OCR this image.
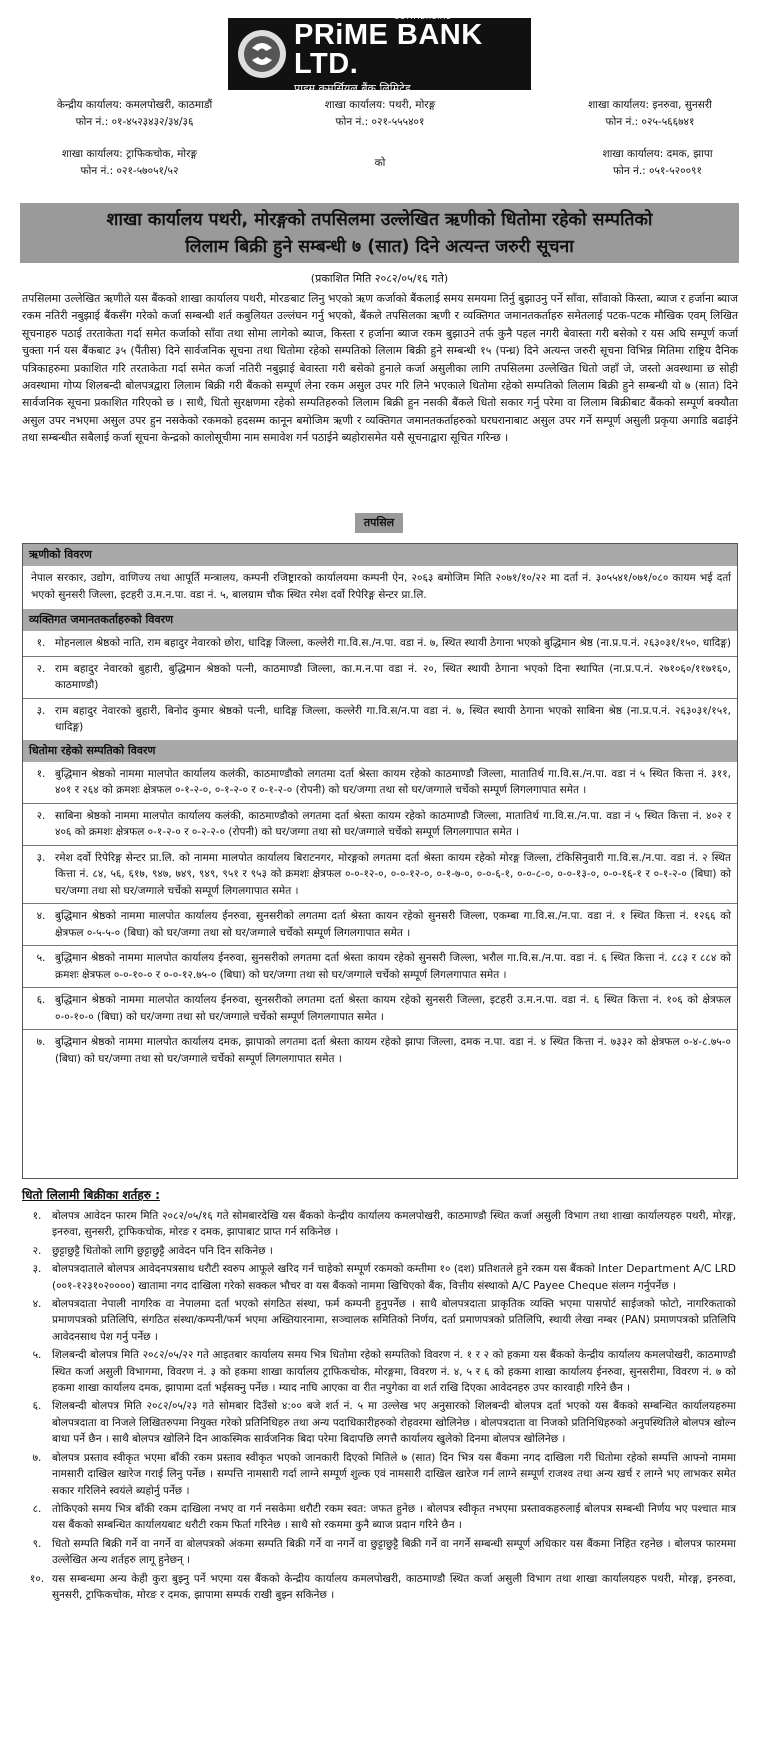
COMMERCIAL
PRiME BANK LTD.
प्राइम कमर्सियल बैंक लिमिटेड
केन्द्रीय कार्यालय: कमलपोखरी, काठमाडौं
फोन नं.: ०१-४५२३४३२/३४/३६
शाखा कार्यालय: पथरी, मोरङ्ग
फोन नं.: ०२१-५५५४०१
शाखा कार्यालय: इनरुवा, सुनसरी
फोन नं.: ०२५-५६६७४१
शाखा कार्यालय: ट्राफिकचोक, मोरङ्ग
फोन नं.: ०२१-५७०५१/५२
को
शाखा कार्यालय: दमक, झापा
फोन नं.: ०५१-५२००९१
शाखा कार्यालय पथरी, मोरङ्गको तपसिलमा उल्लेखित ऋणीको धितोमा रहेको सम्पतिको
लिलाम बिक्री हुने सम्बन्धी ७ (सात) दिने अत्यन्त जरुरी सूचना
(प्रकाशित मिति २०८२/०५/१६ गते)
तपसिलमा उल्लेखित ऋणीले यस बैंकको शाखा कार्यालय पथरी, मोरङबाट लिनु भएको ऋण कर्जाको बैंकलाई समय समयमा तिर्नु बुझाउनु पर्ने साँवा, साँवाको किस्ता, ब्याज र हर्जाना ब्याज रकम नतिरी नबुझाई बैंकसँग गरेको कर्जा सम्बन्धी शर्त कबुलियत उल्लंघन गर्नु भएको, बैंकले तपसिलका ऋणी र व्यक्तिगत जमानतकर्ताहरु समेतलाई पटक-पटक मौखिक एवम् लिखित सूचनाहरु पठाई तरताकेता गर्दा समेत कर्जाको साँवा तथा सोमा लागेको ब्याज, किस्ता र हर्जाना ब्याज रकम बुझाउने तर्फ कुनै पहल नगरी बेवास्ता गरी बसेको र यस अघि सम्पूर्ण कर्जा चुक्ता गर्न यस बैंकबाट ३५ (पैंतीस) दिने सार्वजनिक सूचना तथा धितोमा रहेको सम्पतिको लिलाम बिक्री हुने सम्बन्धी १५ (पन्ध्र) दिने अत्यन्त जरुरी सूचना विभिन्न मितिमा राष्ट्रिय दैनिक पत्रिकाहरुमा प्रकाशित गरि तरताकेता गर्दा समेत कर्जा नतिरी नबुझाई बेवास्ता गरी बसेको हुनाले कर्जा असुलीका लागि तपसिलमा उल्लेखित धितो जहाँ जे, जस्तो अवस्थामा छ सोही अवस्थामा गोप्य शिलबन्दी बोलपत्रद्वारा लिलाम बिक्री गरी बैंकको सम्पूर्ण लेना रकम असुल उपर गरि लिने भएकाले धितोमा रहेको सम्पतिको लिलाम बिक्री हुने सम्बन्धी यो ७ (सात) दिने सार्वजनिक सूचना प्रकाशित गरिएको छ । साथै, धितो सुरक्षणमा रहेको सम्पतिहरुको लिलाम बिक्री हुन नसकी बैंकले धितो सकार गर्नु परेमा वा लिलाम बिक्रीबाट बैंकको सम्पूर्ण बक्यौता असुल उपर नभएमा असुल उपर हुन नसकेको रकमको हदसम्म कानून बमोजिम ऋणी र व्यक्तिगत जमानतकर्ताहरुको घरघरानाबाट असुल उपर गर्ने सम्पूर्ण असुली प्रकृया अगाडि बढाईने तथा सम्बन्धीत सबैलाई कर्जा सूचना केन्द्रको कालोसूचीमा नाम समावेश गर्न पठाईने ब्यहोरासमेत यसै सूचनाद्वारा सूचित गरिन्छ ।
तपसिल
ऋणीको विवरण
नेपाल सरकार, उद्योग, वाणिज्य तथा आपूर्ति मन्त्रालय, कम्पनी रजिष्ट्रारको कार्यालयमा कम्पनी ऐन, २०६३ बमोजिम मिति २०७१/१०/२२ मा दर्ता नं. ३०५५४१/०७१/०८० कायम भई दर्ता भएको सुनसरी जिल्ला, इटहरी उ.म.न.पा. वडा नं. ५, बालग्राम चौक स्थित रमेश दर्वो रिपेरिङ्ग सेन्टर प्रा.लि.
व्यक्तिगत जमानतकर्ताहरुको विवरण
१. मोहनलाल श्रेष्ठको नाति, राम बहादुर नेवारको छोरा, धादिङ्ग जिल्ला, कल्लेरी गा.वि.स./न.पा. वडा नं. ७, स्थित स्थायी ठेगाना भएको बुद्धिमान श्रेष्ठ (ना.प्र.प.नं. २६३०३१/१५०, धादिङ्ग)
२. राम बहादुर नेवारको बुहारी, बुद्धिमान श्रेष्ठको पत्नी, काठमाण्डौ जिल्ला, का.म.न.पा वडा नं. २०, स्थित स्थायी ठेगाना भएको दिना स्थापित (ना.प्र.प.नं. २७१०६०/११७१६०, काठमाण्डौ)
३. राम बहादुर नेवारको बुहारी, बिनोद कुमार श्रेष्ठको पत्नी, धादिङ्ग जिल्ला, कल्लेरी गा.वि.स/न.पा वडा नं. ७, स्थित स्थायी ठेगाना भएको साबिना श्रेष्ठ (ना.प्र.प.नं. २६३०३१/१५१, धादिङ्ग)
धितोमा रहेको सम्पतिको विवरण
१. बुद्धिमान श्रेष्ठको नाममा मालपोत कार्यालय कलंकी, काठमाण्डौको लगतमा दर्ता श्रेस्ता कायम रहेको काठमाण्डौ जिल्ला, मातातिर्थ गा.वि.स./न.पा. वडा नं ५ स्थित कित्ता नं. ३११, ४०१ र २६४ को क्रमशः क्षेत्रफल ०-१-२-०, ०-१-२-० र ०-१-२-० (रोपनी) को घर/जग्गा तथा सो घर/जग्गाले चर्चेको सम्पूर्ण लिगलगापात समेत ।
२. साबिना श्रेष्ठको नाममा मालपोत कार्यालय कलंकी, काठमाण्डौको लगतमा दर्ता श्रेस्ता कायम रहेको काठमाण्डौ जिल्ला, मातातिर्थ गा.वि.स./न.पा. वडा नं ५ स्थित कित्ता नं. ४०२ र ४०६ को क्रमशः क्षेत्रफल ०-१-२-० र ०-२-२-० (रोपनी) को घर/जग्गा तथा सो घर/जग्गाले चर्चेको सम्पूर्ण लिगलगापात समेत ।
३. रमेश दर्वो रिपेरिङ्ग सेन्टर प्रा.लि. को नाममा मालपोत कार्यालय बिराटनगर, मोरङ्गको लगतमा दर्ता श्रेस्ता कायम रहेको मोरङ्ग जिल्ला, टंकिसिनुवारी गा.वि.स./न.पा. वडा नं. २ स्थित कित्ता नं. ८४, ५६, ६१७, ९४७, ७४९, ९४९, ९५१ र ९५३ को क्रमशः क्षेत्रफल ०-०-१२-०, ०-०-१२-०, ०-१-७-०, ०-०-६-१, ०-०-८-०, ०-०-१३-०, ०-०-१६-१ र ०-१-२-० (बिघा) को घर/जग्गा तथा सो घर/जग्गाले चर्चेको सम्पूर्ण लिगलगापात समेत ।
४. बुद्धिमान श्रेष्ठको नाममा मालपोत कार्यालय ईनरुवा, सुनसरीको लगतमा दर्ता श्रेस्ता कायन रहेको सुनसरी जिल्ला, एकम्बा गा.वि.स./न.पा. वडा नं. १ स्थित कित्ता नं. १२६६ को क्षेत्रफल ०-५-५-० (बिघा) को घर/जग्गा तथा सो घर/जग्गाले चर्चेको सम्पूर्ण लिगलगापात समेत ।
५. बुद्धिमान श्रेष्ठको नाममा मालपोत कार्यालय ईनरुवा, सुनसरीको लगतमा दर्ता श्रेस्ता कायम रहेको सुनसरी जिल्ला, भरौल गा.वि.स./न.पा. वडा नं. ६ स्थित कित्ता नं. ८८३ र ८८४ को क्रमशः क्षेत्रफल ०-०-१०-० र ०-०-१२.७५-० (बिघा) को घर/जग्गा तथा सो घर/जग्गाले चर्चेको सम्पूर्ण लिगलगापात समेत ।
६. बुद्धिमान श्रेष्ठको नाममा मालपोत कार्यालय ईनरुवा, सुनसरीको लगतमा दर्ता श्रेस्ता कायम रहेको सुनसरी जिल्ला, इटहरी उ.म.न.पा. वडा नं. ६ स्थित कित्ता नं. १०६ को क्षेत्रफल ०-०-१०-० (बिघा) को घर/जग्गा तथा सो घर/जग्गाले चर्चेको सम्पूर्ण लिगलगापात समेत ।
७. बुद्धिमान श्रेष्ठको नाममा मालपोत कार्यालय दमक, झापाको लगतमा दर्ता श्रेस्ता कायम रहेको झापा जिल्ला, दमक न.पा. वडा नं. ४ स्थित कित्ता नं. ७३३२ को क्षेत्रफल ०-४-८.७५-० (बिघा) को घर/जग्गा तथा सो घर/जग्गाले चर्चेको सम्पूर्ण लिगलगापात समेत ।
धितो लिलामी बिक्रीका शर्तहरु :
१.	बोलपत्र आवेदन फारम मिति २०८२/०५/१६ गते सोमबारदेखि यस बैंकको केन्द्रीय कार्यालय कमलपोखरी, काठमाण्डौ स्थित कर्जा असुली विभाग तथा शाखा कार्यालयहरु पथरी, मोरङ्ग, इनरुवा, सुनसरी, ट्राफिकचोक, मोरङ र दमक, झापाबाट प्राप्त गर्न सकिनेछ ।
२.	छुट्टाछुट्टै धितोको लागि छुट्टाछुट्टै आवेदन पनि दिन सकिनेछ ।
३.	बोलपत्रदाताले बोलपत्र आवेदनपत्रसाथ धरौटी स्वरुप आफूले खरिद गर्न चाहेको सम्पूर्ण रकमको कम्तीमा १० (दश) प्रतिशतले हुने रकम यस बैंकको Inter Department A/C LRD (००१-१२३१०२००००) खातामा नगद दाखिला गरेको सक्कल भौचर वा यस बैंकको नाममा खिचिएको बैंक, वित्तीय संस्थाको A/C Payee Cheque संलग्न गर्नुपर्नेछ ।
४.	बोलपत्रदाता नेपाली नागरिक वा नेपालमा दर्ता भएको संगठित संस्था, फर्म कम्पनी हुनुपर्नेछ । साथै बोलपत्रदाता प्राकृतिक व्यक्ति भएमा पासपोर्ट साईजको फोटो, नागरिकताको प्रमाणपत्रको प्रतिलिपि, संगठित संस्था/कम्पनी/फर्म भएमा अख्तियारनामा, सञ्चालक समितिको निर्णय, दर्ता प्रमाणपत्रको प्रतिलिपि, स्थायी लेखा नम्बर (PAN) प्रमाणपत्रको प्रतिलिपि आवेदनसाथ पेश गर्नु पर्नेछ ।
५.	शिलबन्दी बोलपत्र मिति २०८२/०५/२२ गते आइतबार कार्यालय समय भित्र धितोमा रहेको सम्पतिको विवरण नं. १ र २ को हकमा यस बैंकको केन्द्रीय कार्यालय कमलपोखरी, काठमाण्डौ स्थित कर्जा असुली विभागमा, विवरण नं. ३ को हकमा शाखा कार्यालय ट्राफिकचोक, मोरङ्गमा, विवरण नं. ४, ५ र ६ को हकमा शाखा कार्यालय ईनरुवा, सुनसरीमा, विवरण नं. ७ को हकमा शाखा कार्यालय दमक, झापामा दर्ता भईसक्नु पर्नेछ । म्याद नाघि आएका वा रीत नपुगेका वा शर्त राखि दिएका आवेदनहरु उपर कारवाही गरिने छैन ।
६.	शिलबन्दी बोलपत्र मिति २०८२/०५/२३ गते सोमबार दिउँसो ४:०० बजे शर्त नं. ५ मा उल्लेख भए अनुसारको शिलबन्दी बोलपत्र दर्ता भएको यस बैंकको सम्बन्धित कार्यालयहरुमा बोलपत्रदाता वा निजले लिखितरुपमा नियुक्त गरेको प्रतिनिधिहरु तथा अन्य पदाधिकारीहरुको रोहवरमा खोलिनेछ । बोलपत्रदाता वा निजको प्रतिनिधिहरुको अनुपस्थितिले बोलपत्र खोल्न बाधा पर्ने छैन । साथै बोलपत्र खोलिने दिन आकस्मिक सार्वजनिक बिदा परेमा बिदापछि लगत्तै कार्यालय खुलेको दिनमा बोलपत्र खोलिनेछ ।
७.	बोलपत्र प्रस्ताव स्वीकृत भएमा बाँकी रकम प्रस्ताव स्वीकृत भएको जानकारी दिएको मितिले ७ (सात) दिन भित्र यस बैंकमा नगद दाखिला गरी धितोमा रहेको सम्पत्ति आफ्नो नाममा नामसारी दाखिल खारेज गराई लिनु पर्नेछ । सम्पत्ति नामसारी गर्दा लाग्ने सम्पूर्ण शुल्क एवं नामसारी दाखिल खारेज गर्न लाग्ने सम्पूर्ण राजश्व तथा अन्य खर्च र लाग्ने भए लाभकर समेत सकार गरिलिने स्वयंले ब्यहोर्नु पर्नेछ ।
८.	तोकिएको समय भित्र बाँकी रकम दाखिला नभए वा गर्न नसकेमा धरौटी रकम स्वत: जफत हुनेछ । बोलपत्र स्वीकृत नभएमा प्रस्तावकहरुलाई बोलपत्र सम्बन्धी निर्णय भए पश्चात मात्र यस बैंकको सम्बन्धित कार्यालयबाट धरौटी रकम फिर्ता गरिनेछ । साथै सो रकममा कुनै ब्याज प्रदान गरिने छैन ।
९.	धितो सम्पति बिक्री गर्ने वा नगर्ने वा बोलपत्रको अंकमा सम्पति बिक्री गर्ने वा नगर्ने वा छुट्टाछुट्टै बिक्री गर्ने वा नगर्ने सम्बन्धी सम्पूर्ण अधिकार यस बैंकमा निहित रहनेछ । बोलपत्र फारममा उल्लेखित अन्य शर्तहरु लागू हुनेछन् ।
१०. यस सम्बन्धमा अन्य केही कुरा बुझ्नु पर्ने भएमा यस बैंकको केन्द्रीय कार्यालय कमलपोखरी, काठमाण्डौ स्थित कर्जा असुली विभाग तथा शाखा कार्यालयहरु पथरी, मोरङ्ग, इनरुवा, सुनसरी, ट्राफिकचोक, मोरङ र दमक, झापामा सम्पर्क राखी बुझ्न सकिनेछ ।
